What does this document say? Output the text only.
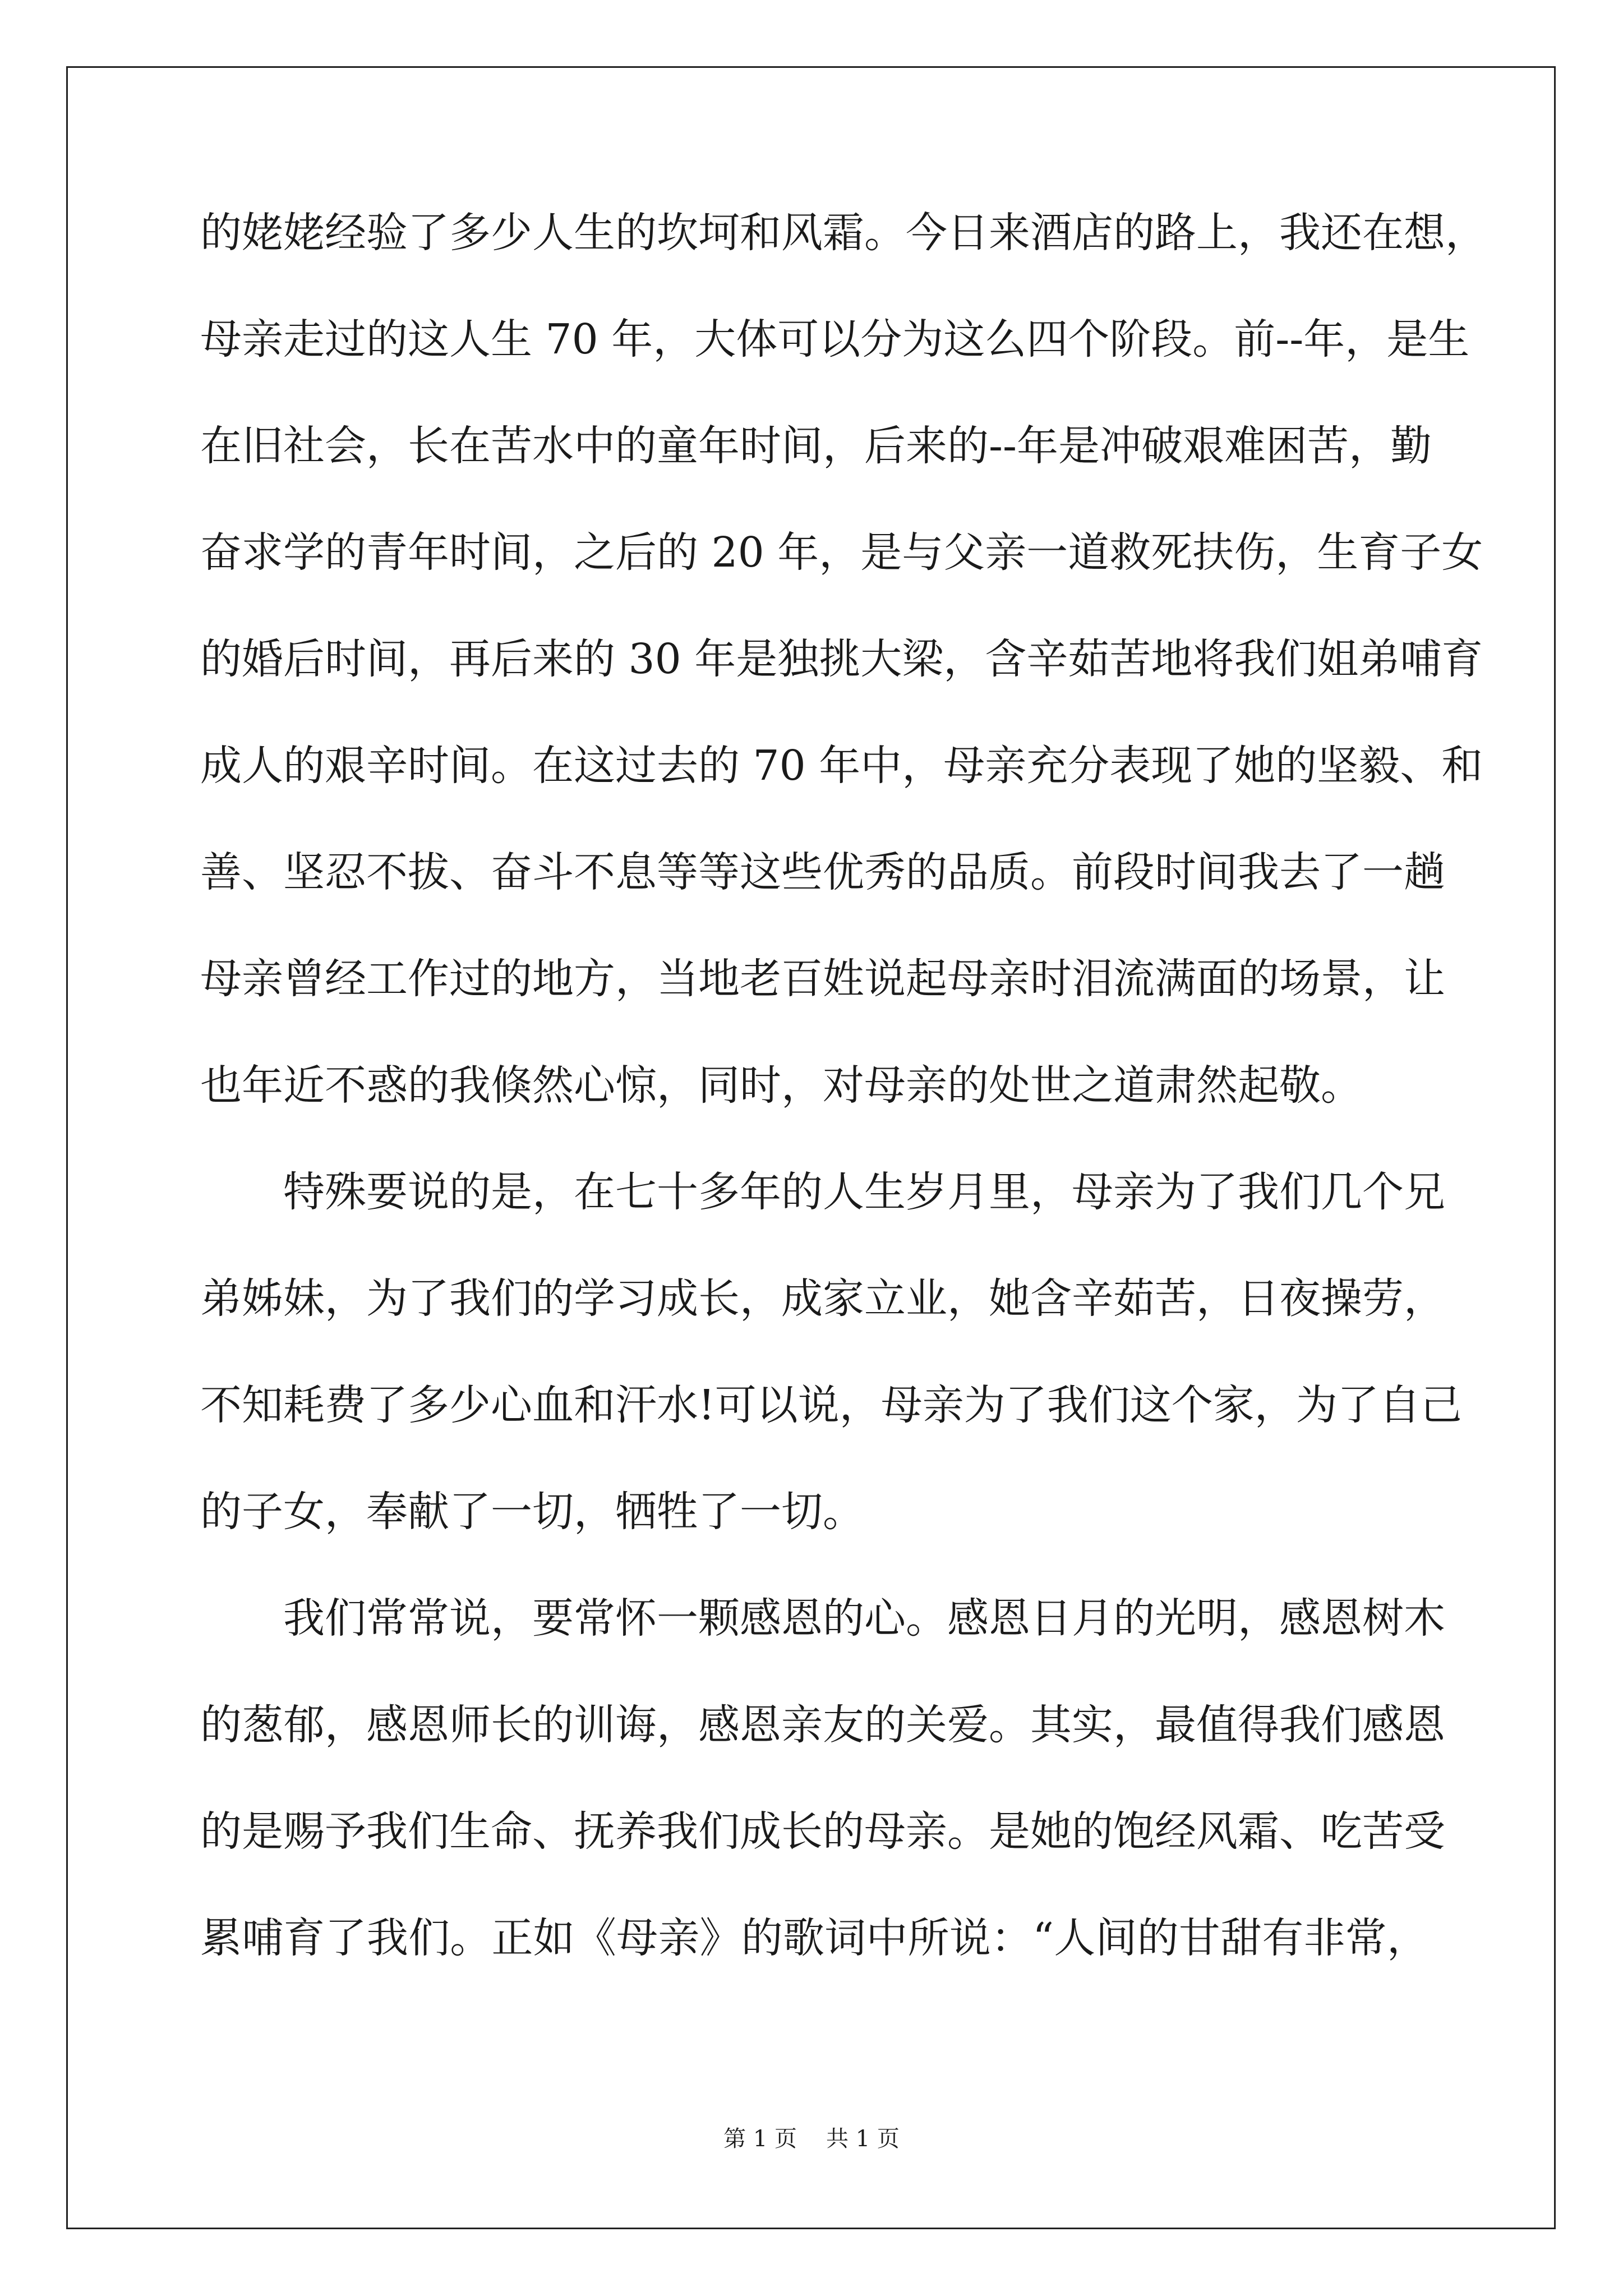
的姥姥经验了多少人生的坎坷和风霜。今日来酒店的路上，我还在想，
母亲走过的这人生 70 年，大体可以分为这么四个阶段。前--年，是生
在旧社会，长在苦水中的童年时间，后来的--年是冲破艰难困苦，勤
奋求学的青年时间，之后的 20 年，是与父亲一道救死扶伤，生育子女
的婚后时间，再后来的 30 年是独挑大梁，含辛茹苦地将我们姐弟哺育
成人的艰辛时间。在这过去的 70 年中，母亲充分表现了她的坚毅、和
善、坚忍不拔、奋斗不息等等这些优秀的品质。前段时间我去了一趟
母亲曾经工作过的地方，当地老百姓说起母亲时泪流满面的场景，让
也年近不惑的我倏然心惊，同时，对母亲的处世之道肃然起敬。
特殊要说的是，在七十多年的人生岁月里，母亲为了我们几个兄
弟姊妹，为了我们的学习成长，成家立业，她含辛茹苦，日夜操劳，
不知耗费了多少心血和汗水!可以说，母亲为了我们这个家，为了自己
的子女，奉献了一切，牺牲了一切。
我们常常说，要常怀一颗感恩的心。感恩日月的光明，感恩树木
的葱郁，感恩师长的训诲，感恩亲友的关爱。其实，最值得我们感恩
的是赐予我们生命、抚养我们成长的母亲。是她的饱经风霜、吃苦受
累哺育了我们。正如《母亲》的歌词中所说：“人间的甘甜有非常，
第 1 页 共 1 页
